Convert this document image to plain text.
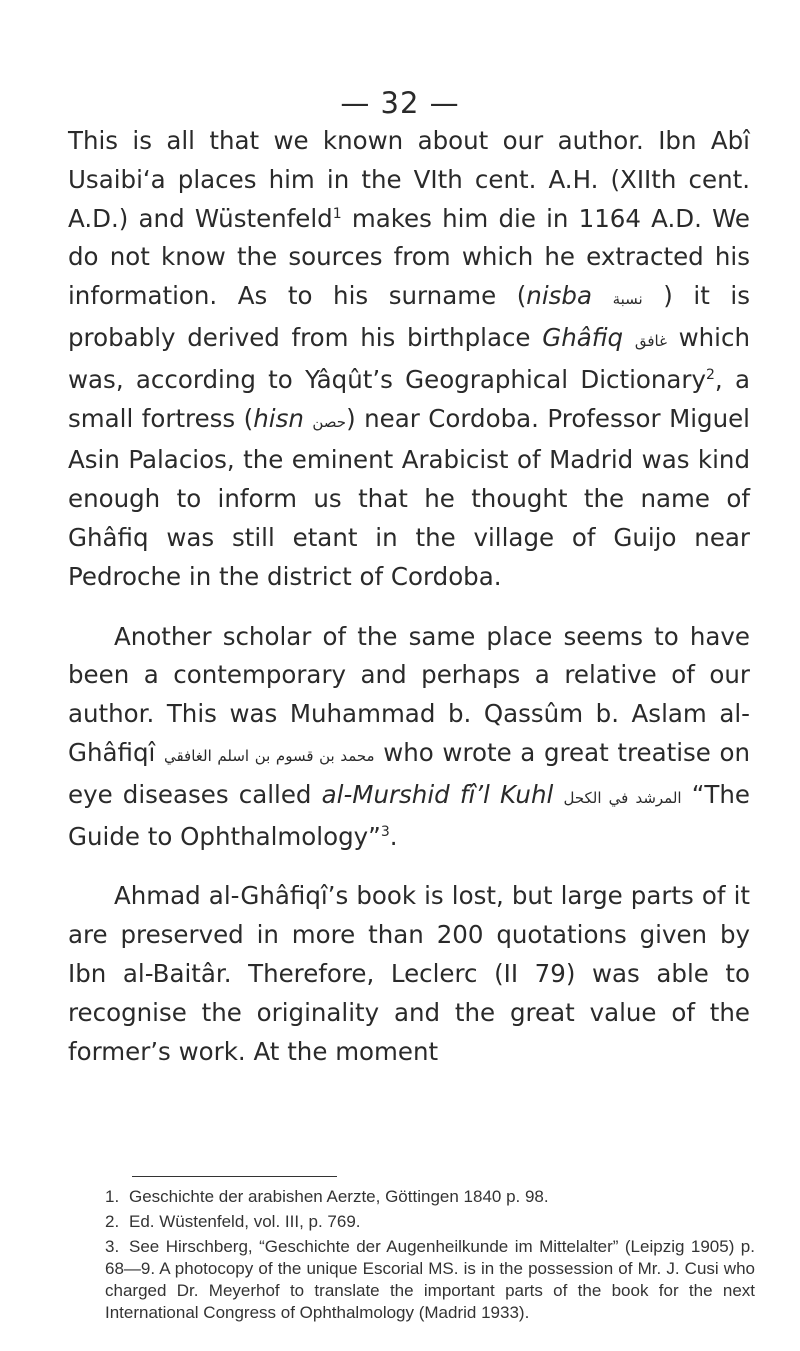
— 32 —

This is all that we known about our author. Ibn Abî Usaibi‘a places him in the VIth cent. A.H. (XIIth cent. A.D.) and Wüstenfeld$^1$ makes him die in 1164 A.D. We do not know the sources from which he extracted his information. As to his surname (nisba نسبة ) it is probably derived from his birthplace Ghâfiq غافق which was, according to Yâqût’s Geographical Dictionary$^2$, a small fortress (hisn حصن) near Cordoba. Professor Miguel Asin Palacios, the eminent Arabicist of Madrid was kind enough to inform us that he thought the name of Ghâfiq was still etant in the village of Guijo near Pedroche in the district of Cordoba.

Another scholar of the same place seems to have been a contemporary and perhaps a relative of our author. This was Muhammad b. Qassûm b. Aslam al-Ghâfiqî محمد بن قسوم بن اسلم الغافقي who wrote a great treatise on eye diseases called al-Murshid fî’l Kuhl المرشد في الكحل “The Guide to Ophthalmology”$^3$.

Ahmad al-Ghâfiqî’s book is lost, but large parts of it are preserved in more than 200 quotations given by Ibn al-Baitâr. Therefore, Leclerc (II 79) was able to recognise the originality and the great value of the former’s work. At the moment

1. Geschichte der arabishen Aerzte, Göttingen 1840 p. 98.

2. Ed. Wüstenfeld, vol. III, p. 769.

3. See Hirschberg, “Geschichte der Augenheilkunde im Mittelalter” (Leipzig 1905) p. 68—9. A photocopy of the unique Escorial MS. is in the possession of Mr. J. Cusi who charged Dr. Meyerhof to translate the important parts of the book for the next International Congress of Ophthalmology (Madrid 1933).
